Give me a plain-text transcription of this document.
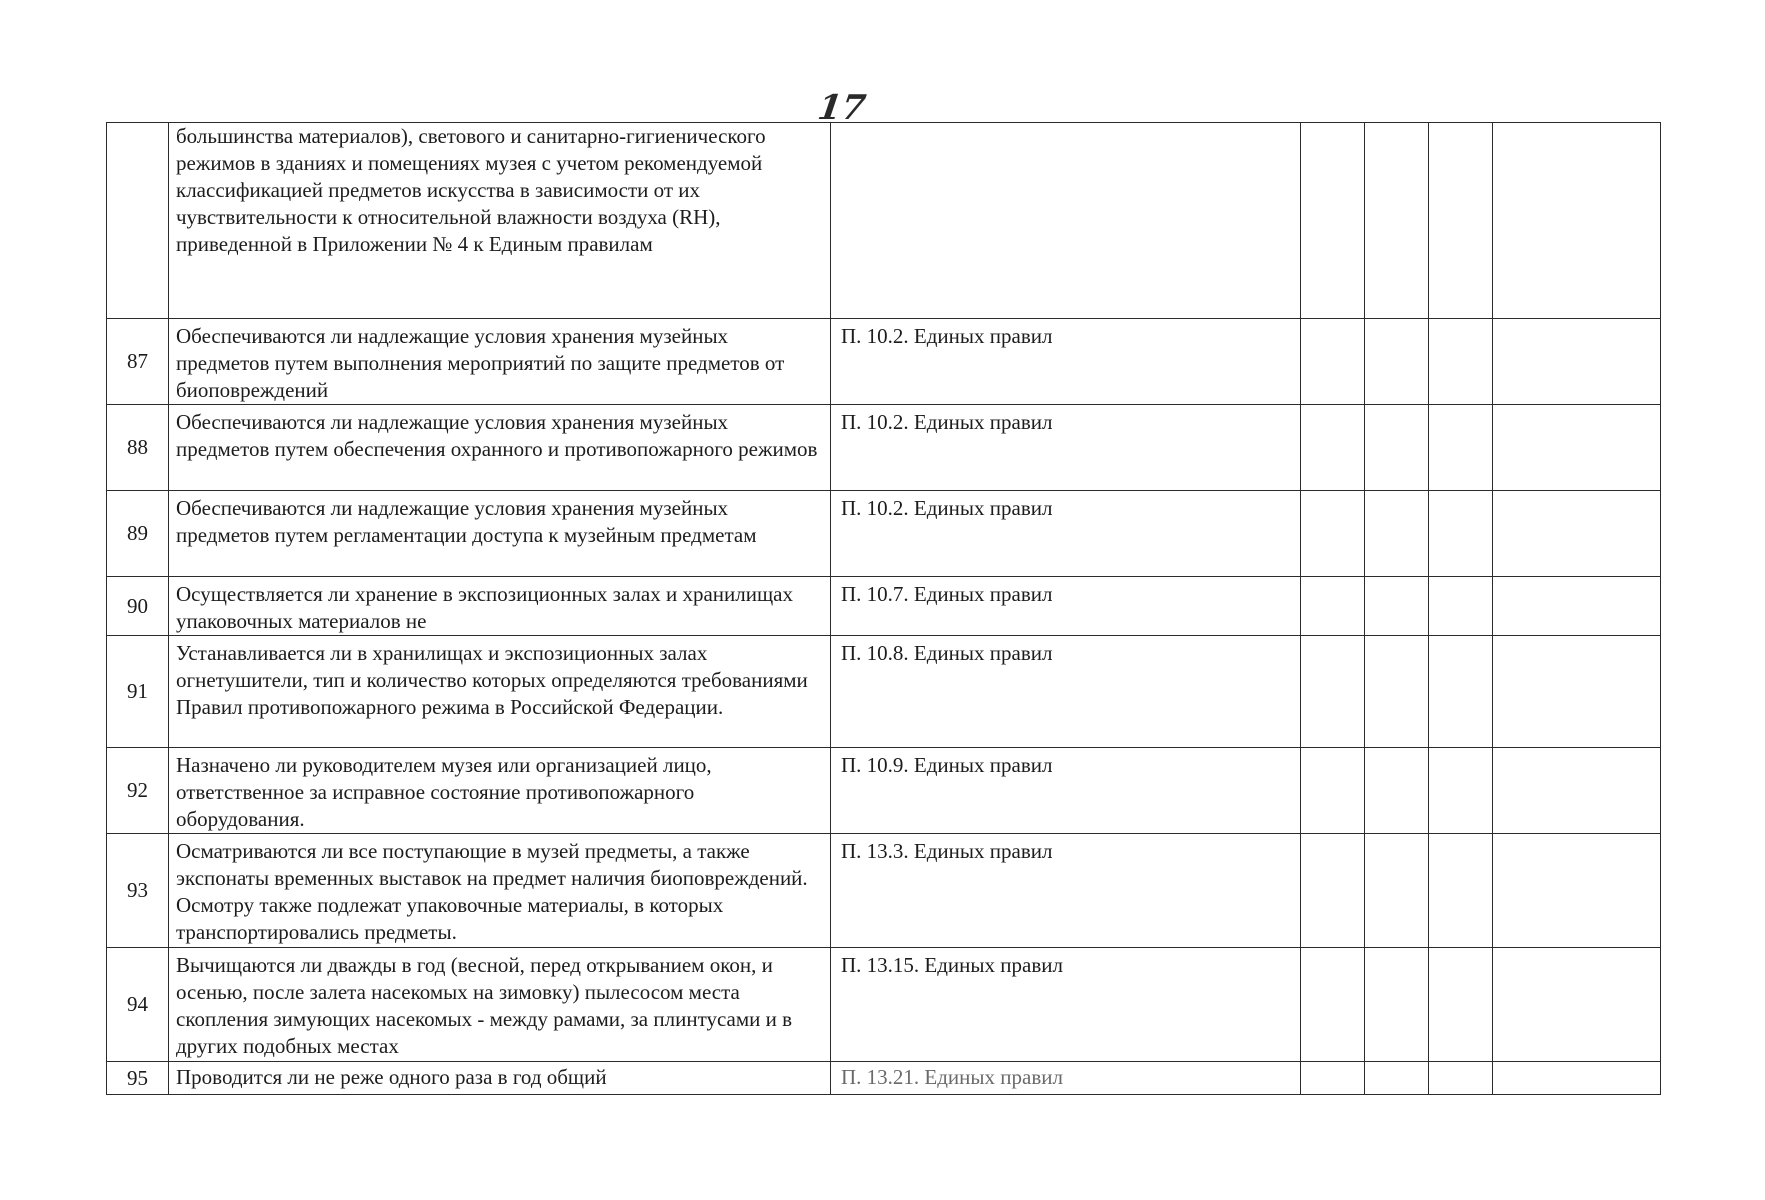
17
	большинства материалов), светового и санитарно-гигиенического режимов в зданиях и помещениях музея с учетом рекомендуемой классификацией предметов искусства в зависимости от их чувствительности к относительной влажности воздуха (RH), приведенной в Приложении № 4 к Единым правилам					
87	Обеспечиваются ли надлежащие условия хранения музейных предметов путем выполнения мероприятий по защите предметов от биоповреждений	П. 10.2. Единых правил				
88	Обеспечиваются ли надлежащие условия хранения музейных предметов путем обеспечения охранного и противопожарного режимов	П. 10.2. Единых правил				
89	Обеспечиваются ли надлежащие условия хранения музейных предметов путем регламентации доступа к музейным предметам	П. 10.2. Единых правил				
90	Осуществляется ли хранение в экспозиционных залах и хранилищах упаковочных материалов не	П. 10.7. Единых правил				
91	Устанавливается ли в хранилищах и экспозиционных залах огнетушители, тип и количество которых определяются требованиями Правил противопожарного режима в Российской Федерации.	П. 10.8. Единых правил				
92	Назначено ли руководителем музея или организацией лицо, ответственное за исправное состояние противопожарного оборудования.	П. 10.9. Единых правил				
93	Осматриваются ли все поступающие в музей предметы, а также экспонаты временных выставок на предмет наличия биоповреждений. Осмотру также подлежат упаковочные материалы, в которых транспортировались предметы.	П. 13.3. Единых правил				
94	Вычищаются ли дважды в год (весной, перед открыванием окон, и осенью, после залета насекомых на зимовку) пылесосом места скопления зимующих насекомых - между рамами, за плинтусами и в других подобных местах	П. 13.15. Единых правил				
95	Проводится ли не реже одного раза в год общий	П. 13.21. Единых правил				
